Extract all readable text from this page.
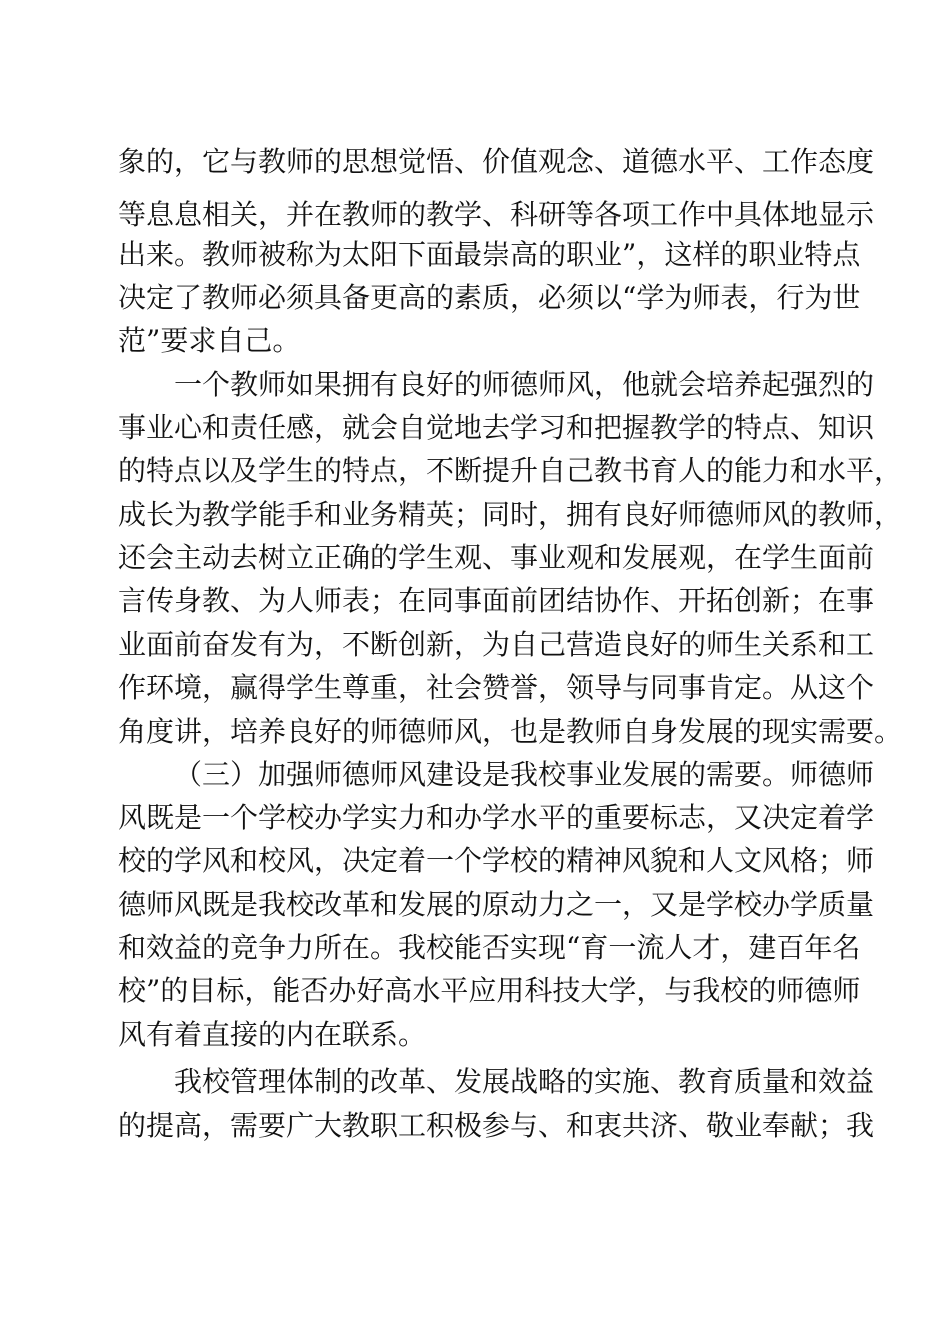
象的，它与教师的思想觉悟、价值观念、道德水平、工作态度
等息息相关，并在教师的教学、科研等各项工作中具体地显示
出来。教师被称为太阳下面最崇高的职业”，这样的职业特点
决定了教师必须具备更高的素质，必须以“学为师表，行为世
范”要求自己。
一个教师如果拥有良好的师德师风，他就会培养起强烈的
事业心和责任感，就会自觉地去学习和把握教学的特点、知识
的特点以及学生的特点，不断提升自己教书育人的能力和水平，
成长为教学能手和业务精英；同时，拥有良好师德师风的教师，
还会主动去树立正确的学生观、事业观和发展观，在学生面前
言传身教、为人师表；在同事面前团结协作、开拓创新；在事
业面前奋发有为，不断创新，为自己营造良好的师生关系和工
作环境，赢得学生尊重，社会赞誉，领导与同事肯定。从这个
角度讲，培养良好的师德师风，也是教师自身发展的现实需要。
（三）加强师德师风建设是我校事业发展的需要。师德师
风既是一个学校办学实力和办学水平的重要标志，又决定着学
校的学风和校风，决定着一个学校的精神风貌和人文风格；师
德师风既是我校改革和发展的原动力之一，又是学校办学质量
和效益的竞争力所在。我校能否实现“育一流人才，建百年名
校”的目标，能否办好高水平应用科技大学，与我校的师德师
风有着直接的内在联系。
我校管理体制的改革、发展战略的实施、教育质量和效益
的提高，需要广大教职工积极参与、和衷共济、敬业奉献；我
